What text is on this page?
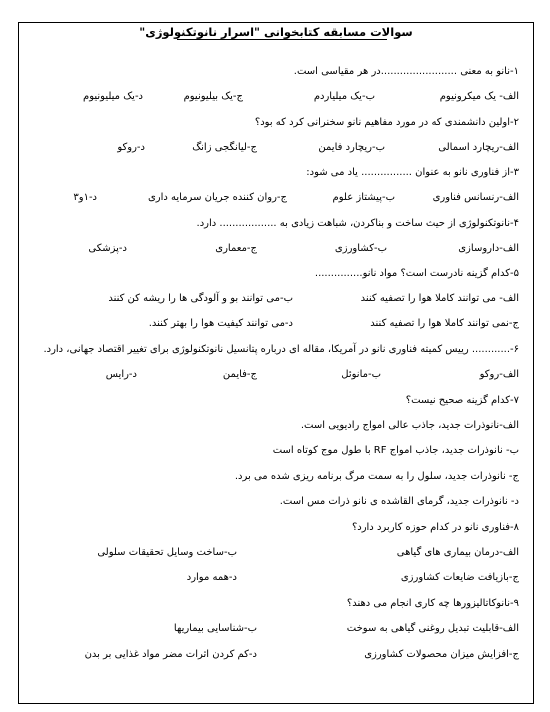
سوالات مسابقه کتابخوانی "اسرار نانوتکنولوژی"
۱-نانو به معنی ........................در هر مقیاسی است.
الف- یک میکرونیوم
ب-یک میلیاردم
ج-یک بیلیونیوم
د-یک میلیونیوم
۲-اولین دانشمندی که در مورد مفاهیم نانو سخنرانی کرد که بود؟
الف-ریچارد اسمالی
ب-ریچارد فایمن
ج-لیانگجی زانگ
د-روکو
۳-از فناوری نانو به عنوان ................ یاد می شود:
الف-رنسانس فناوری
ب-پیشتاز علوم
ج-روان کننده جریان سرمایه داری
د-۱و۳
۴-نانوتکنولوژی از حیث ساخت و بناکردن، شباهت زیادی به .................. دارد.
الف-داروسازی
ب-کشاورزی
ج-معماری
د-پزشکی
۵-کدام گزینه نادرست است؟ مواد نانو...............
الف- می توانند کاملا هوا را تصفیه کنند
ب-می توانند بو و آلودگی ها را ریشه کن کنند
ج-نمی توانند کاملا هوا را تصفیه کنند
د-می توانند کیفیت هوا را بهتر کنند.
۶-............ رییس کمیته فناوری نانو در آمریکا، مقاله ای درباره پتانسیل نانوتکنولوژی برای تغییر اقتصاد جهانی، دارد.
الف-روکو
ب-مانوئل
ج-فایمن
د-رایس
۷-کدام گزینه صحیح نیست؟
الف-نانوذرات جدید، جاذب عالی امواج رادیویی است.
ب- نانوذرات جدید، جاذب امواج RF با طول موج کوتاه است
ج- نانوذرات جدید، سلول را به سمت مرگ برنامه ریزی شده می برد.
د- نانوذرات جدید، گرمای القاشده ی نانو ذرات مس است.
۸-فناوری نانو در کدام حوزه کاربرد دارد؟
الف-درمان بیماری های گیاهی
ب-ساخت وسایل تحقیقات سلولی
ج-بازیافت ضایعات کشاورزی
د-همه موارد
۹-نانوکاتالیزورها چه کاری انجام می دهند؟
الف-قابلیت تبدیل روغنی گیاهی به سوخت
ب-شناسایی بیماریها
ج-افزایش میزان محصولات کشاورزی
د-کم کردن اثرات مضر مواد غذایی بر بدن
